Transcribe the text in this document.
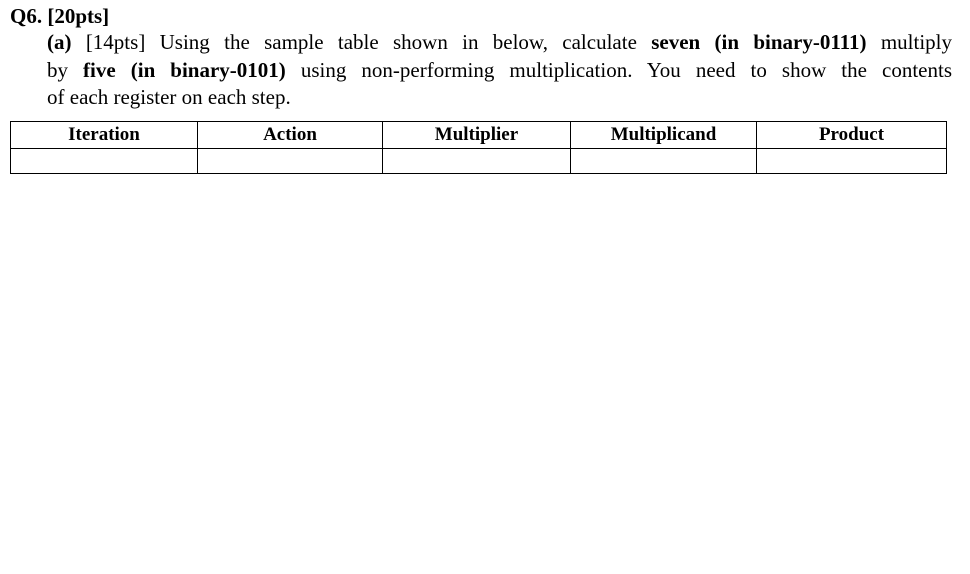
Q6. [20pts]
(a) [14pts] Using the sample table shown in below, calculate seven (in binary-0111) multiply
by five (in binary-0101) using non-performing multiplication. You need to show the contents
of each register on each step.
Iteration	Action	Multiplier	Multiplicand	Product
